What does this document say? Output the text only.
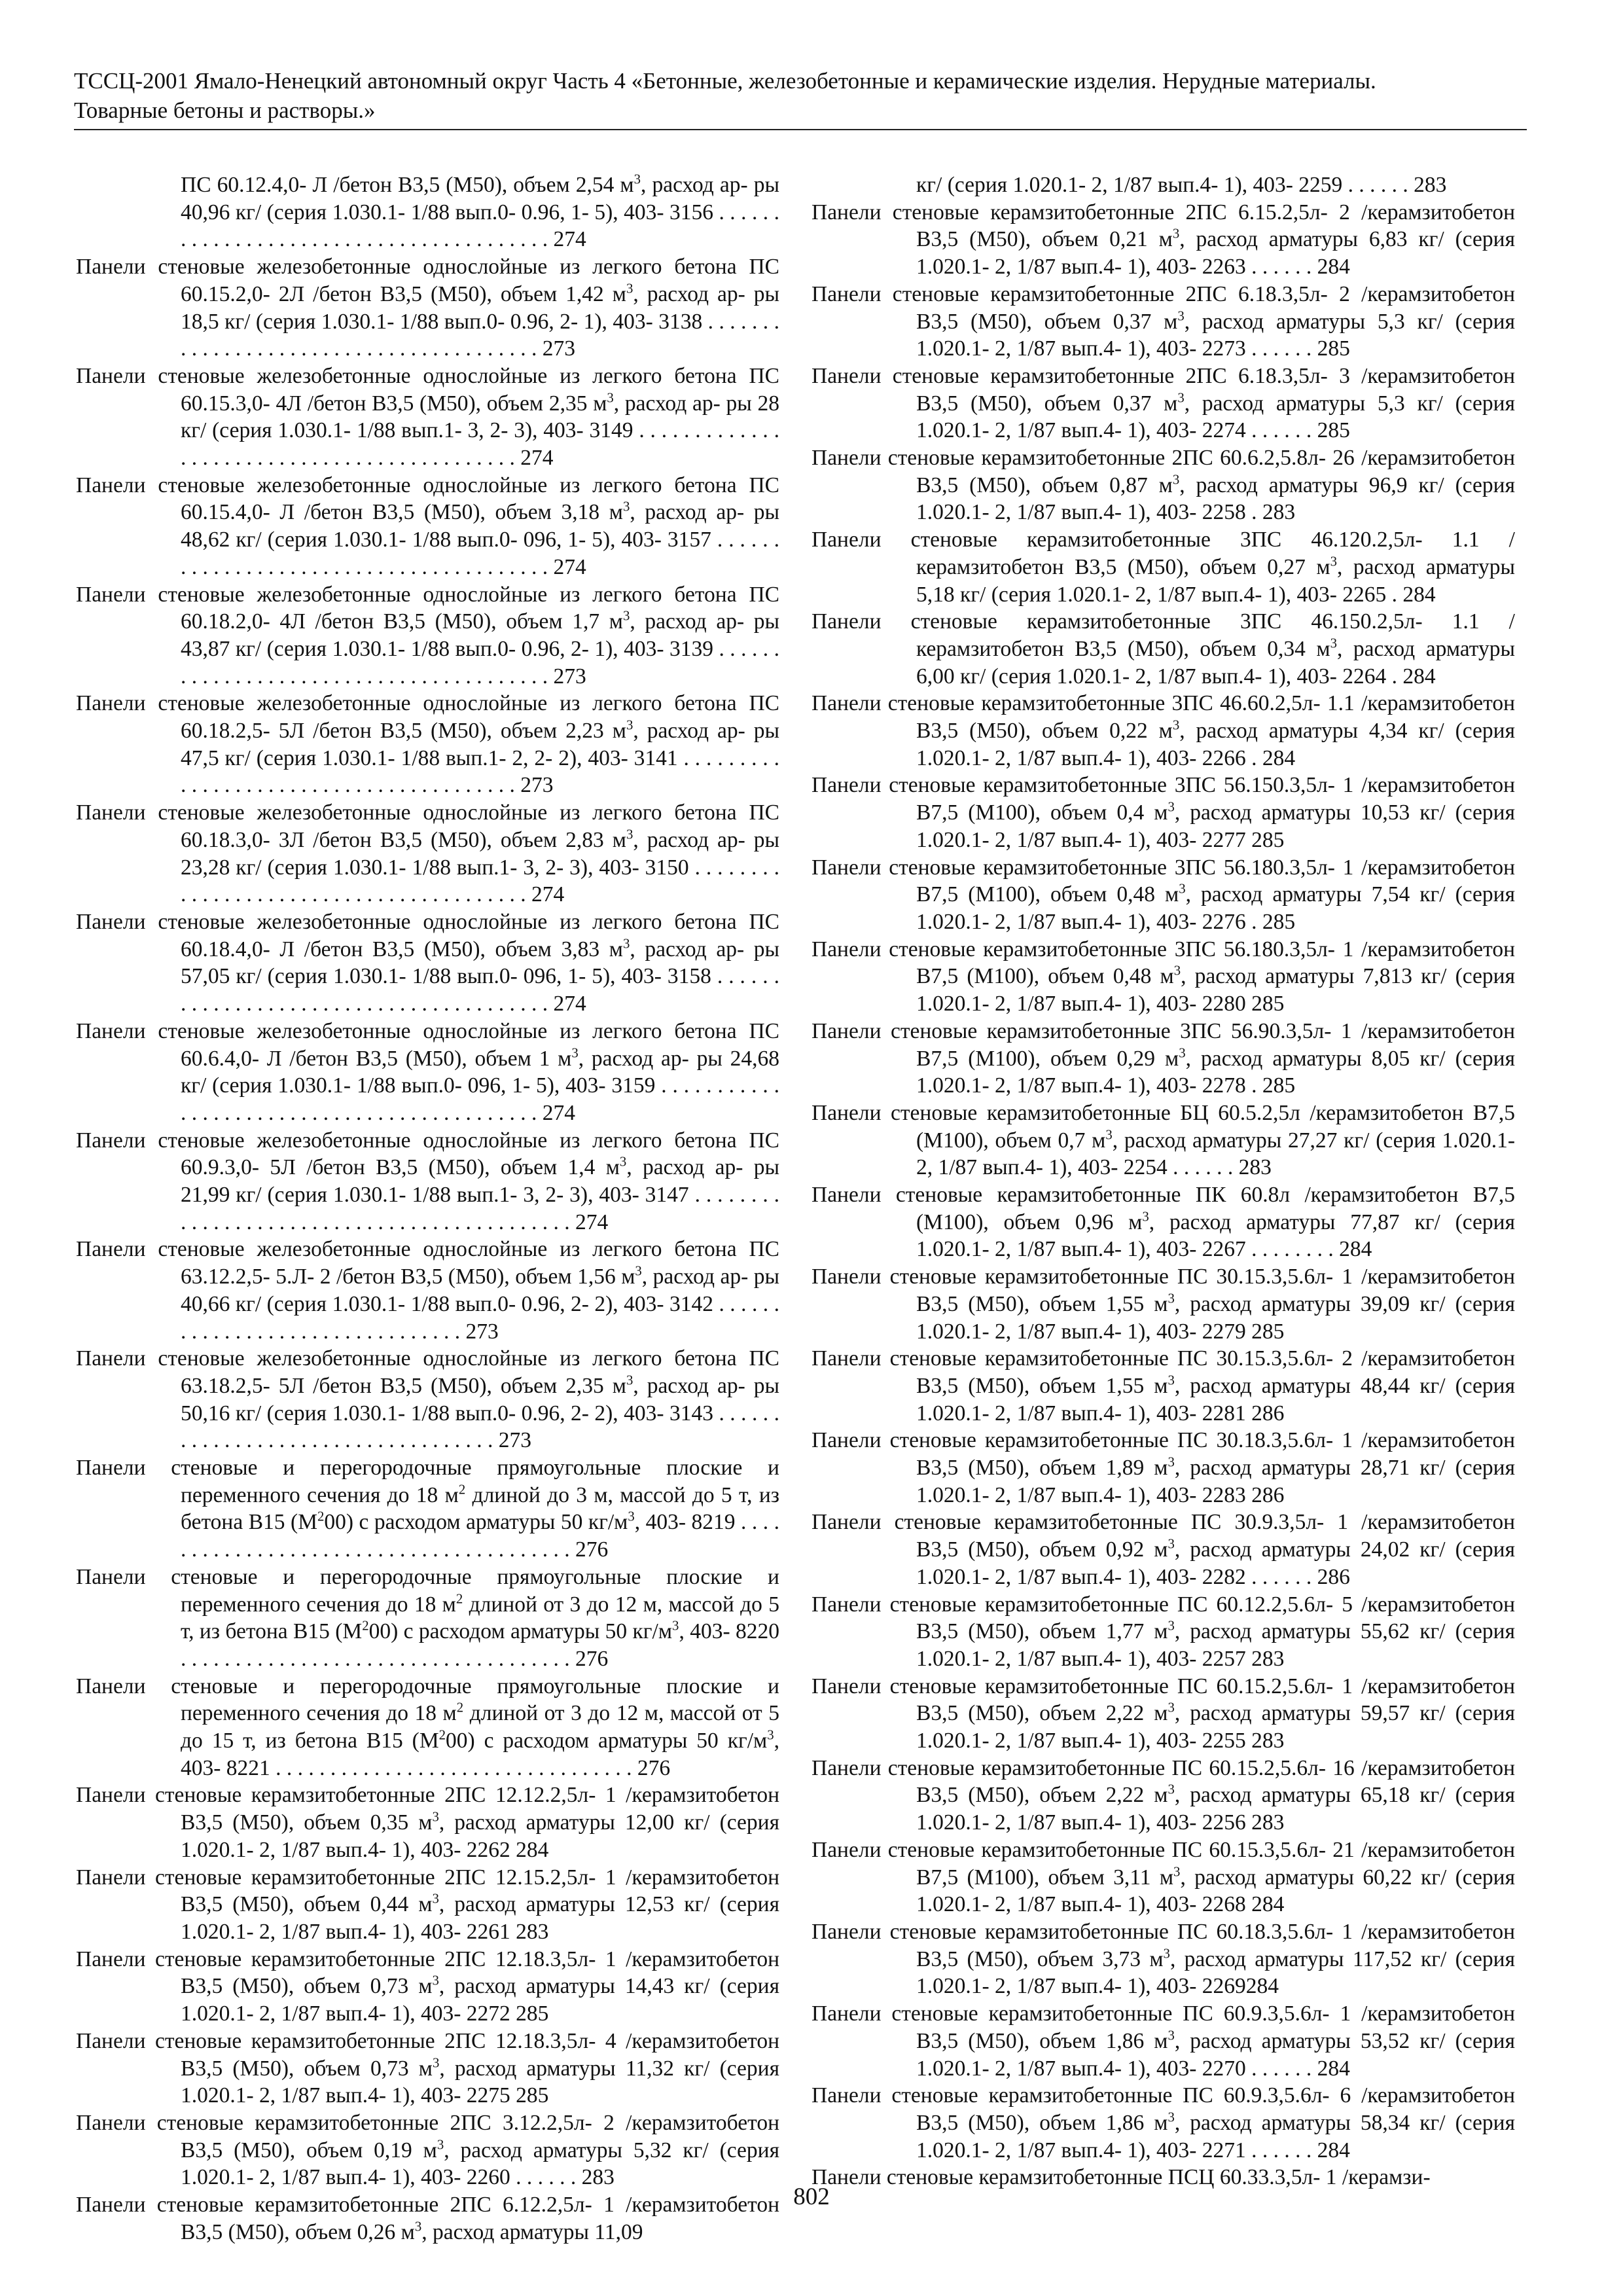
ТССЦ-2001 Ямало-Ненецкий автономный округ Часть 4 «Бетонные, железобетонные и керамические изделия. Нерудные материалы.
Товарные бетоны и растворы.»

ПС 60.12.4,0- Л /бетон В3,5 (М50), объем 2,54 $м^3$, расход ар- ры 40,96 кг/ (серия 1.030.1- 1/88 вып.0- 0.96, 1- 5), 403- 3156 . . . . . . . . . . . . . . . . . . . . . . . . . . . . . . . . . . . . . . . . 274

Панели стеновые железобетонные однослойные из легкого бетона ПС 60.15.2,0- 2Л /бетон В3,5 (М50), объем 1,42 $м^3$, расход ар- ры 18,5 кг/ (серия 1.030.1- 1/88 вып.0- 0.96, 2- 1), 403- 3138 . . . . . . . . . . . . . . . . . . . . . . . . . . . . . . . . . . . . . . . . 273

Панели стеновые железобетонные однослойные из легкого бетона ПС 60.15.3,0- 4Л /бетон В3,5 (М50), объем 2,35 $м^3$, расход ар- ры 28 кг/ (серия 1.030.1- 1/88 вып.1- 3, 2- 3), 403- 3149 . . . . . . . . . . . . . . . . . . . . . . . . . . . . . . . . . . . . . . . . . . . . 274

Панели стеновые железобетонные однослойные из легкого бетона ПС 60.15.4,0- Л /бетон В3,5 (М50), объем 3,18 $м^3$, расход ар- ры 48,62 кг/ (серия 1.030.1- 1/88 вып.0- 096, 1- 5), 403- 3157 . . . . . . . . . . . . . . . . . . . . . . . . . . . . . . . . . . . . . . . . 274

Панели стеновые железобетонные однослойные из легкого бетона ПС 60.18.2,0- 4Л /бетон В3,5 (М50), объем 1,7 $м^3$, расход ар- ры 43,87 кг/ (серия 1.030.1- 1/88 вып.0- 0.96, 2- 1), 403- 3139 . . . . . . . . . . . . . . . . . . . . . . . . . . . . . . . . . . . . . . . . 273

Панели стеновые железобетонные однослойные из легкого бетона ПС 60.18.2,5- 5Л /бетон В3,5 (М50), объем 2,23 $м^3$, расход ар- ры 47,5 кг/ (серия 1.030.1- 1/88 вып.1- 2, 2- 2), 403- 3141 . . . . . . . . . . . . . . . . . . . . . . . . . . . . . . . . . . . . . . . . 273

Панели стеновые железобетонные однослойные из легкого бетона ПС 60.18.3,0- 3Л /бетон В3,5 (М50), объем 2,83 $м^3$, расход ар- ры 23,28 кг/ (серия 1.030.1- 1/88 вып.1- 3, 2- 3), 403- 3150 . . . . . . . . . . . . . . . . . . . . . . . . . . . . . . . . . . . . . . . . 274

Панели стеновые железобетонные однослойные из легкого бетона ПС 60.18.4,0- Л /бетон В3,5 (М50), объем 3,83 $м^3$, расход ар- ры 57,05 кг/ (серия 1.030.1- 1/88 вып.0- 096, 1- 5), 403- 3158 . . . . . . . . . . . . . . . . . . . . . . . . . . . . . . . . . . . . . . . . 274

Панели стеновые железобетонные однослойные из легкого бетона ПС 60.6.4,0- Л /бетон В3,5 (М50), объем 1 $м^3$, расход ар- ры 24,68 кг/ (серия 1.030.1- 1/88 вып.0- 096, 1- 5), 403- 3159 . . . . . . . . . . . . . . . . . . . . . . . . . . . . . . . . . . . . . . . . . . . . 274

Панели стеновые железобетонные однослойные из легкого бетона ПС 60.9.3,0- 5Л /бетон В3,5 (М50), объем 1,4 $м^3$, расход ар- ры 21,99 кг/ (серия 1.030.1- 1/88 вып.1- 3, 2- 3), 403- 3147 . . . . . . . . . . . . . . . . . . . . . . . . . . . . . . . . . . . . . . . . . . . . 274

Панели стеновые железобетонные однослойные из легкого бетона ПС 63.12.2,5- 5.Л- 2 /бетон В3,5 (М50), объем 1,56 $м^3$, расход ар- ры 40,66 кг/ (серия 1.030.1- 1/88 вып.0- 0.96, 2- 2), 403- 3142 . . . . . . . . . . . . . . . . . . . . . . . . . . . . . . . . 273

Панели стеновые железобетонные однослойные из легкого бетона ПС 63.18.2,5- 5Л /бетон В3,5 (М50), объем 2,35 $м^3$, расход ар- ры 50,16 кг/ (серия 1.030.1- 1/88 вып.0- 0.96, 2- 2), 403- 3143 . . . . . . . . . . . . . . . . . . . . . . . . . . . . . . . . . . . 273

Панели стеновые и перегородочные прямоугольные плоские и переменного сечения до 18 $м^2$ длиной до 3 м, массой до 5 т, из бетона В15 $(М^200)$ с расходом арматуры 50 $кг/м^3$, 403- 8219 . . . . . . . . . . . . . . . . . . . . . . . . . . . . . . . . . . . . . . . . 276

Панели стеновые и перегородочные прямоугольные плоские и переменного сечения до 18 $м^2$ длиной от 3 до 12 м, массой до 5 т, из бетона В15 $(М^200)$ с расходом арматуры 50 $кг/м^3$, 403- 8220 . . . . . . . . . . . . . . . . . . . . . . . . . . . . . . . . . . . . 276

Панели стеновые и перегородочные прямоугольные плоские и переменного сечения до 18 $м^2$ длиной от 3 до 12 м, массой от 5 до 15 т, из бетона В15 $(М^200)$ с расходом арматуры 50 $кг/м^3$, 403- 8221 . . . . . . . . . . . . . . . . . . . . . . . . . . . . . . . . . 276

Панели стеновые керамзитобетонные 2ПС 12.12.2,5л- 1 /керамзитобетон В3,5 (М50), объем 0,35 $м^3$, расход арматуры 12,00 кг/ (серия 1.020.1- 2, 1/87 вып.4- 1), 403- 2262 284

Панели стеновые керамзитобетонные 2ПС 12.15.2,5л- 1 /керамзитобетон В3,5 (М50), объем 0,44 $м^3$, расход арматуры 12,53 кг/ (серия 1.020.1- 2, 1/87 вып.4- 1), 403- 2261 283

Панели стеновые керамзитобетонные 2ПС 12.18.3,5л- 1 /керамзитобетон В3,5 (М50), объем 0,73 $м^3$, расход арматуры 14,43 кг/ (серия 1.020.1- 2, 1/87 вып.4- 1), 403- 2272 285

Панели стеновые керамзитобетонные 2ПС 12.18.3,5л- 4 /керамзитобетон В3,5 (М50), объем 0,73 $м^3$, расход арматуры 11,32 кг/ (серия 1.020.1- 2, 1/87 вып.4- 1), 403- 2275 285

Панели стеновые керамзитобетонные 2ПС 3.12.2,5л- 2 /керамзитобетон В3,5 (М50), объем 0,19 $м^3$, расход арматуры 5,32 кг/ (серия 1.020.1- 2, 1/87 вып.4- 1), 403- 2260 . . . . . . 283

Панели стеновые керамзитобетонные 2ПС 6.12.2,5л- 1 /керамзитобетон В3,5 (М50), объем 0,26 $м^3$, расход арматуры 11,09

кг/ (серия 1.020.1- 2, 1/87 вып.4- 1), 403- 2259 . . . . . . 283

Панели стеновые керамзитобетонные 2ПС 6.15.2,5л- 2 /керамзитобетон В3,5 (М50), объем 0,21 $м^3$, расход арматуры 6,83 кг/ (серия 1.020.1- 2, 1/87 вып.4- 1), 403- 2263 . . . . . . 284

Панели стеновые керамзитобетонные 2ПС 6.18.3,5л- 2 /керамзитобетон В3,5 (М50), объем 0,37 $м^3$, расход арматуры 5,3 кг/ (серия 1.020.1- 2, 1/87 вып.4- 1), 403- 2273 . . . . . . 285

Панели стеновые керамзитобетонные 2ПС 6.18.3,5л- 3 /керамзитобетон В3,5 (М50), объем 0,37 $м^3$, расход арматуры 5,3 кг/ (серия 1.020.1- 2, 1/87 вып.4- 1), 403- 2274 . . . . . . 285

Панели стеновые керамзитобетонные 2ПС 60.6.2,5.8л- 26 /керамзитобетон В3,5 (М50), объем 0,87 $м^3$, расход арматуры 96,9 кг/ (серия 1.020.1- 2, 1/87 вып.4- 1), 403- 2258 . 283

Панели стеновые керамзитобетонные 3ПС 46.120.2,5л- 1.1 /керамзитобетон В3,5 (М50), объем 0,27 $м^3$, расход арматуры 5,18 кг/ (серия 1.020.1- 2, 1/87 вып.4- 1), 403- 2265 . 284

Панели стеновые керамзитобетонные 3ПС 46.150.2,5л- 1.1 /керамзитобетон В3,5 (М50), объем 0,34 $м^3$, расход арматуры 6,00 кг/ (серия 1.020.1- 2, 1/87 вып.4- 1), 403- 2264 . 284

Панели стеновые керамзитобетонные 3ПС 46.60.2,5л- 1.1 /керамзитобетон В3,5 (М50), объем 0,22 $м^3$, расход арматуры 4,34 кг/ (серия 1.020.1- 2, 1/87 вып.4- 1), 403- 2266 . 284

Панели стеновые керамзитобетонные 3ПС 56.150.3,5л- 1 /керамзитобетон В7,5 (М100), объем 0,4 $м^3$, расход арматуры 10,53 кг/ (серия 1.020.1- 2, 1/87 вып.4- 1), 403- 2277 285

Панели стеновые керамзитобетонные 3ПС 56.180.3,5л- 1 /керамзитобетон В7,5 (М100), объем 0,48 $м^3$, расход арматуры 7,54 кг/ (серия 1.020.1- 2, 1/87 вып.4- 1), 403- 2276 . 285

Панели стеновые керамзитобетонные 3ПС 56.180.3,5л- 1 /керамзитобетон В7,5 (М100), объем 0,48 $м^3$, расход арматуры 7,813 кг/ (серия 1.020.1- 2, 1/87 вып.4- 1), 403- 2280 285

Панели стеновые керамзитобетонные 3ПС 56.90.3,5л- 1 /керамзитобетон В7,5 (М100), объем 0,29 $м^3$, расход арматуры 8,05 кг/ (серия 1.020.1- 2, 1/87 вып.4- 1), 403- 2278 . 285

Панели стеновые керамзитобетонные БЦ 60.5.2,5л /керамзитобетон В7,5 (М100), объем 0,7 $м^3$, расход арматуры 27,27 кг/ (серия 1.020.1- 2, 1/87 вып.4- 1), 403- 2254 . . . . . . 283

Панели стеновые керамзитобетонные ПК 60.8л /керамзитобетон В7,5 (М100), объем 0,96 $м^3$, расход арматуры 77,87 кг/ (серия 1.020.1- 2, 1/87 вып.4- 1), 403- 2267 . . . . . . . . 284

Панели стеновые керамзитобетонные ПС 30.15.3,5.6л- 1 /керамзитобетон В3,5 (М50), объем 1,55 $м^3$, расход арматуры 39,09 кг/ (серия 1.020.1- 2, 1/87 вып.4- 1), 403- 2279 285

Панели стеновые керамзитобетонные ПС 30.15.3,5.6л- 2 /керамзитобетон В3,5 (М50), объем 1,55 $м^3$, расход арматуры 48,44 кг/ (серия 1.020.1- 2, 1/87 вып.4- 1), 403- 2281 286

Панели стеновые керамзитобетонные ПС 30.18.3,5.6л- 1 /керамзитобетон В3,5 (М50), объем 1,89 $м^3$, расход арматуры 28,71 кг/ (серия 1.020.1- 2, 1/87 вып.4- 1), 403- 2283 286

Панели стеновые керамзитобетонные ПС 30.9.3,5л- 1 /керамзитобетон В3,5 (М50), объем 0,92 $м^3$, расход арматуры 24,02 кг/ (серия 1.020.1- 2, 1/87 вып.4- 1), 403- 2282 . . . . . . 286

Панели стеновые керамзитобетонные ПС 60.12.2,5.6л- 5 /керамзитобетон В3,5 (М50), объем 1,77 $м^3$, расход арматуры 55,62 кг/ (серия 1.020.1- 2, 1/87 вып.4- 1), 403- 2257 283

Панели стеновые керамзитобетонные ПС 60.15.2,5.6л- 1 /керамзитобетон В3,5 (М50), объем 2,22 $м^3$, расход арматуры 59,57 кг/ (серия 1.020.1- 2, 1/87 вып.4- 1), 403- 2255 283

Панели стеновые керамзитобетонные ПС 60.15.2,5.6л- 16 /керамзитобетон В3,5 (М50), объем 2,22 $м^3$, расход арматуры 65,18 кг/ (серия 1.020.1- 2, 1/87 вып.4- 1), 403- 2256 283

Панели стеновые керамзитобетонные ПС 60.15.3,5.6л- 21 /керамзитобетон В7,5 (М100), объем 3,11 $м^3$, расход арматуры 60,22 кг/ (серия 1.020.1- 2, 1/87 вып.4- 1), 403- 2268 284

Панели стеновые керамзитобетонные ПС 60.18.3,5.6л- 1 /керамзитобетон В3,5 (М50), объем 3,73 $м^3$, расход арматуры 117,52 кг/ (серия 1.020.1- 2, 1/87 вып.4- 1), 403- 2269284

Панели стеновые керамзитобетонные ПС 60.9.3,5.6л- 1 /керамзитобетон В3,5 (М50), объем 1,86 $м^3$, расход арматуры 53,52 кг/ (серия 1.020.1- 2, 1/87 вып.4- 1), 403- 2270 . . . . . . 284

Панели стеновые керамзитобетонные ПС 60.9.3,5.6л- 6 /керамзитобетон В3,5 (М50), объем 1,86 $м^3$, расход арматуры 58,34 кг/ (серия 1.020.1- 2, 1/87 вып.4- 1), 403- 2271 . . . . . . 284

Панели стеновые керамзитобетонные ПСЦ 60.33.3,5л- 1 /керамзи-

802
